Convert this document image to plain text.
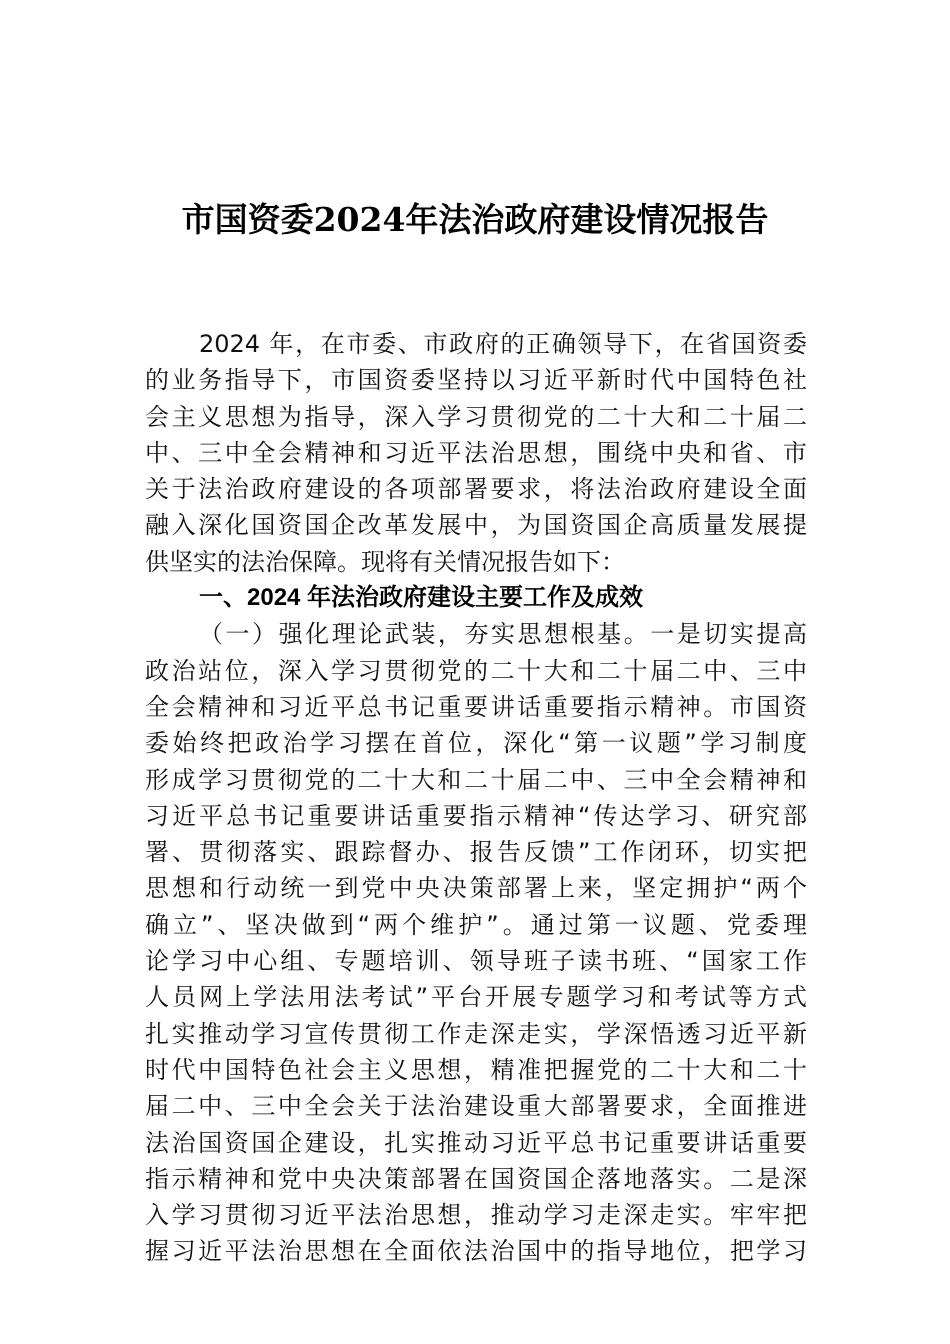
市国资委2024年法治政府建设情况报告
2024 年，在市委、市政府的正确领导下，在省国资委
的业务指导下，市国资委坚持以习近平新时代中国特色社
会主义思想为指导，深入学习贯彻党的二十大和二十届二
中、三中全会精神和习近平法治思想，围绕中央和省、市
关于法治政府建设的各项部署要求，将法治政府建设全面
融入深化国资国企改革发展中，为国资国企高质量发展提
供坚实的法治保障。现将有关情况报告如下：
一、2024 年法治政府建设主要工作及成效
（一）强化理论武装，夯实思想根基。一是切实提高
政治站位，深入学习贯彻党的二十大和二十届二中、三中
全会精神和习近平总书记重要讲话重要指示精神。市国资
委始终把政治学习摆在首位，深化“第一议题”学习制度
形成学习贯彻党的二十大和二十届二中、三中全会精神和
习近平总书记重要讲话重要指示精神“传达学习、研究部
署、贯彻落实、跟踪督办、报告反馈”工作闭环，切实把
思想和行动统一到党中央决策部署上来，坚定拥护“两个
确立”、坚决做到“两个维护”。通过第一议题、党委理
论学习中心组、专题培训、领导班子读书班、“国家工作
人员网上学法用法考试”平台开展专题学习和考试等方式
扎实推动学习宣传贯彻工作走深走实，学深悟透习近平新
时代中国特色社会主义思想，精准把握党的二十大和二十
届二中、三中全会关于法治建设重大部署要求，全面推进
法治国资国企建设，扎实推动习近平总书记重要讲话重要
指示精神和党中央决策部署在国资国企落地落实。二是深
入学习贯彻习近平法治思想，推动学习走深走实。牢牢把
握习近平法治思想在全面依法治国中的指导地位，把学习
